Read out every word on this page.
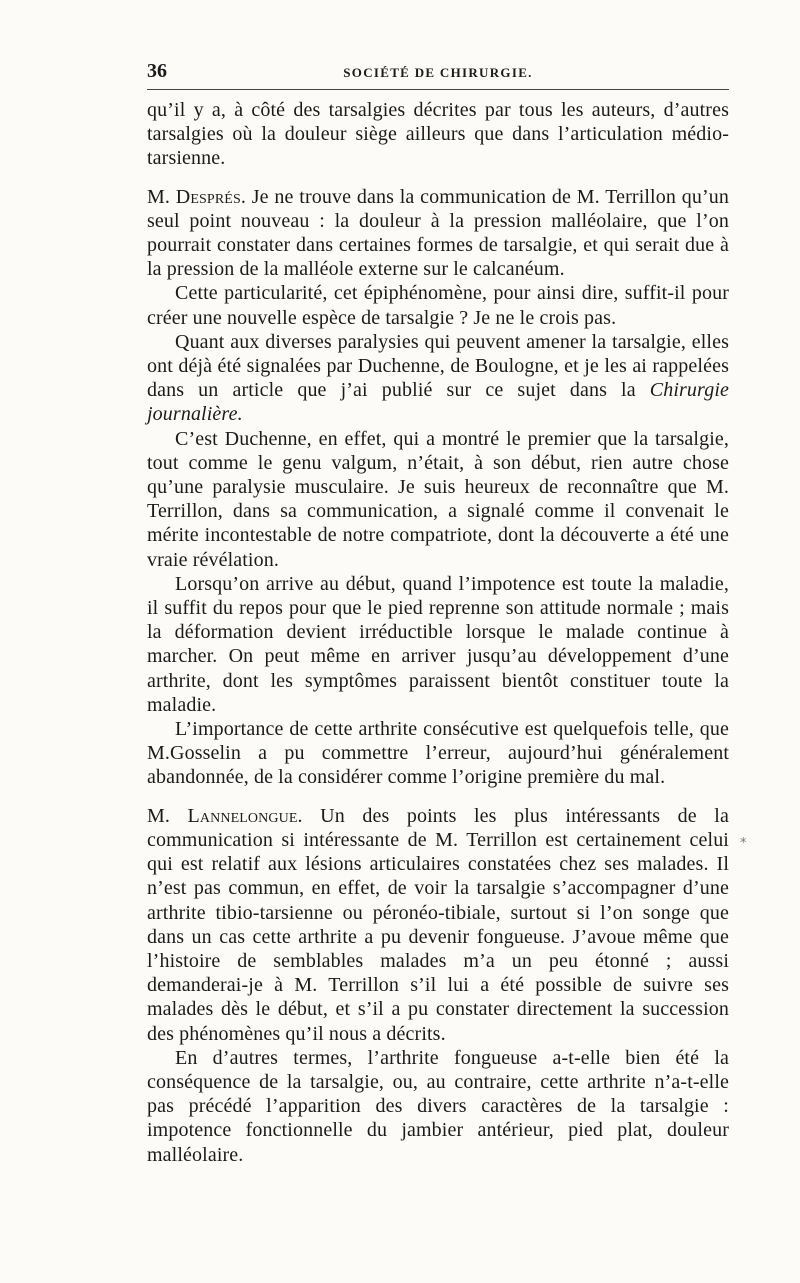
36	SOCIÉTÉ DE CHIRURGIE.

qu’il y a, à côté des tarsalgies décrites par tous les auteurs, d’autres tarsalgies où la douleur siège ailleurs que dans l’articulation médio-tarsienne.

M. Després. Je ne trouve dans la communication de M. Terrillon qu’un seul point nouveau : la douleur à la pression malléolaire, que l’on pourrait constater dans certaines formes de tarsalgie, et qui serait due à la pression de la malléole externe sur le calcanéum.

Cette particularité, cet épiphénomène, pour ainsi dire, suffit-il pour créer une nouvelle espèce de tarsalgie ? Je ne le crois pas.

Quant aux diverses paralysies qui peuvent amener la tarsalgie, elles ont déjà été signalées par Duchenne, de Boulogne, et je les ai rappelées dans un article que j’ai publié sur ce sujet dans la Chirurgie journalière.

C’est Duchenne, en effet, qui a montré le premier que la tarsalgie, tout comme le genu valgum, n’était, à son début, rien autre chose qu’une paralysie musculaire. Je suis heureux de reconnaître que M. Terrillon, dans sa communication, a signalé comme il convenait le mérite incontestable de notre compatriote, dont la découverte a été une vraie révélation.

Lorsqu’on arrive au début, quand l’impotence est toute la maladie, il suffit du repos pour que le pied reprenne son attitude normale ; mais la déformation devient irréductible lorsque le malade continue à marcher. On peut même en arriver jusqu’au développement d’une arthrite, dont les symptômes paraissent bientôt constituer toute la maladie.

L’importance de cette arthrite consécutive est quelquefois telle, que M.Gosselin a pu commettre l’erreur, aujourd’hui généralement abandonnée, de la considérer comme l’origine première du mal.

M. Lannelongue. Un des points les plus intéressants de la communication si intéressante de M. Terrillon est certainement celui qui est relatif aux lésions articulaires constatées chez ses malades. Il n’est pas commun, en effet, de voir la tarsalgie s’accompagner d’une arthrite tibio-tarsienne ou péronéo-tibiale, surtout si l’on songe que dans un cas cette arthrite a pu devenir fongueuse. J’avoue même que l’histoire de semblables malades m’a un peu étonné ; aussi demanderai-je à M. Terrillon s’il lui a été possible de suivre ses malades dès le début, et s’il a pu constater directement la succession des phénomènes qu’il nous a décrits.

En d’autres termes, l’arthrite fongueuse a-t-elle bien été la conséquence de la tarsalgie, ou, au contraire, cette arthrite n’a-t-elle pas précédé l’apparition des divers caractères de la tarsalgie : impotence fonctionnelle du jambier antérieur, pied plat, douleur malléolaire.

*
